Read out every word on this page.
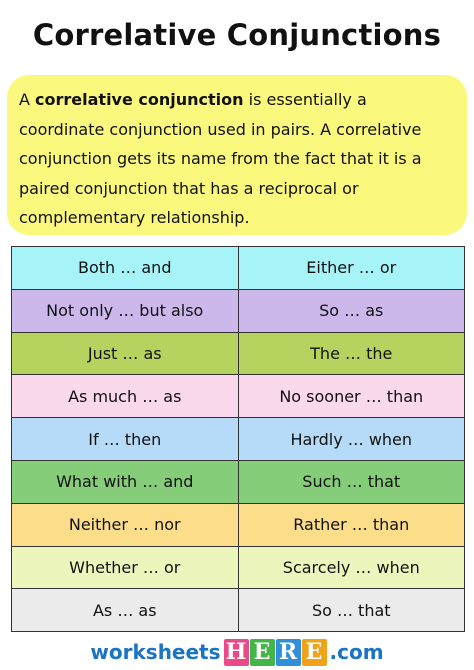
Correlative Conjunctions
A correlative conjunction is essentially a coordinate conjunction used in pairs. A correlative conjunction gets its name from the fact that it is a paired conjunction that has a reciprocal or complementary relationship.
Both … and	Either … or
Not only … but also	So … as
Just … as	The … the
As much … as	No sooner … than
If … then	Hardly … when
What with … and	Such … that
Neither … nor	Rather … than
Whether … or	Scarcely … when
As … as	So … that
worksheets H E R E .com
